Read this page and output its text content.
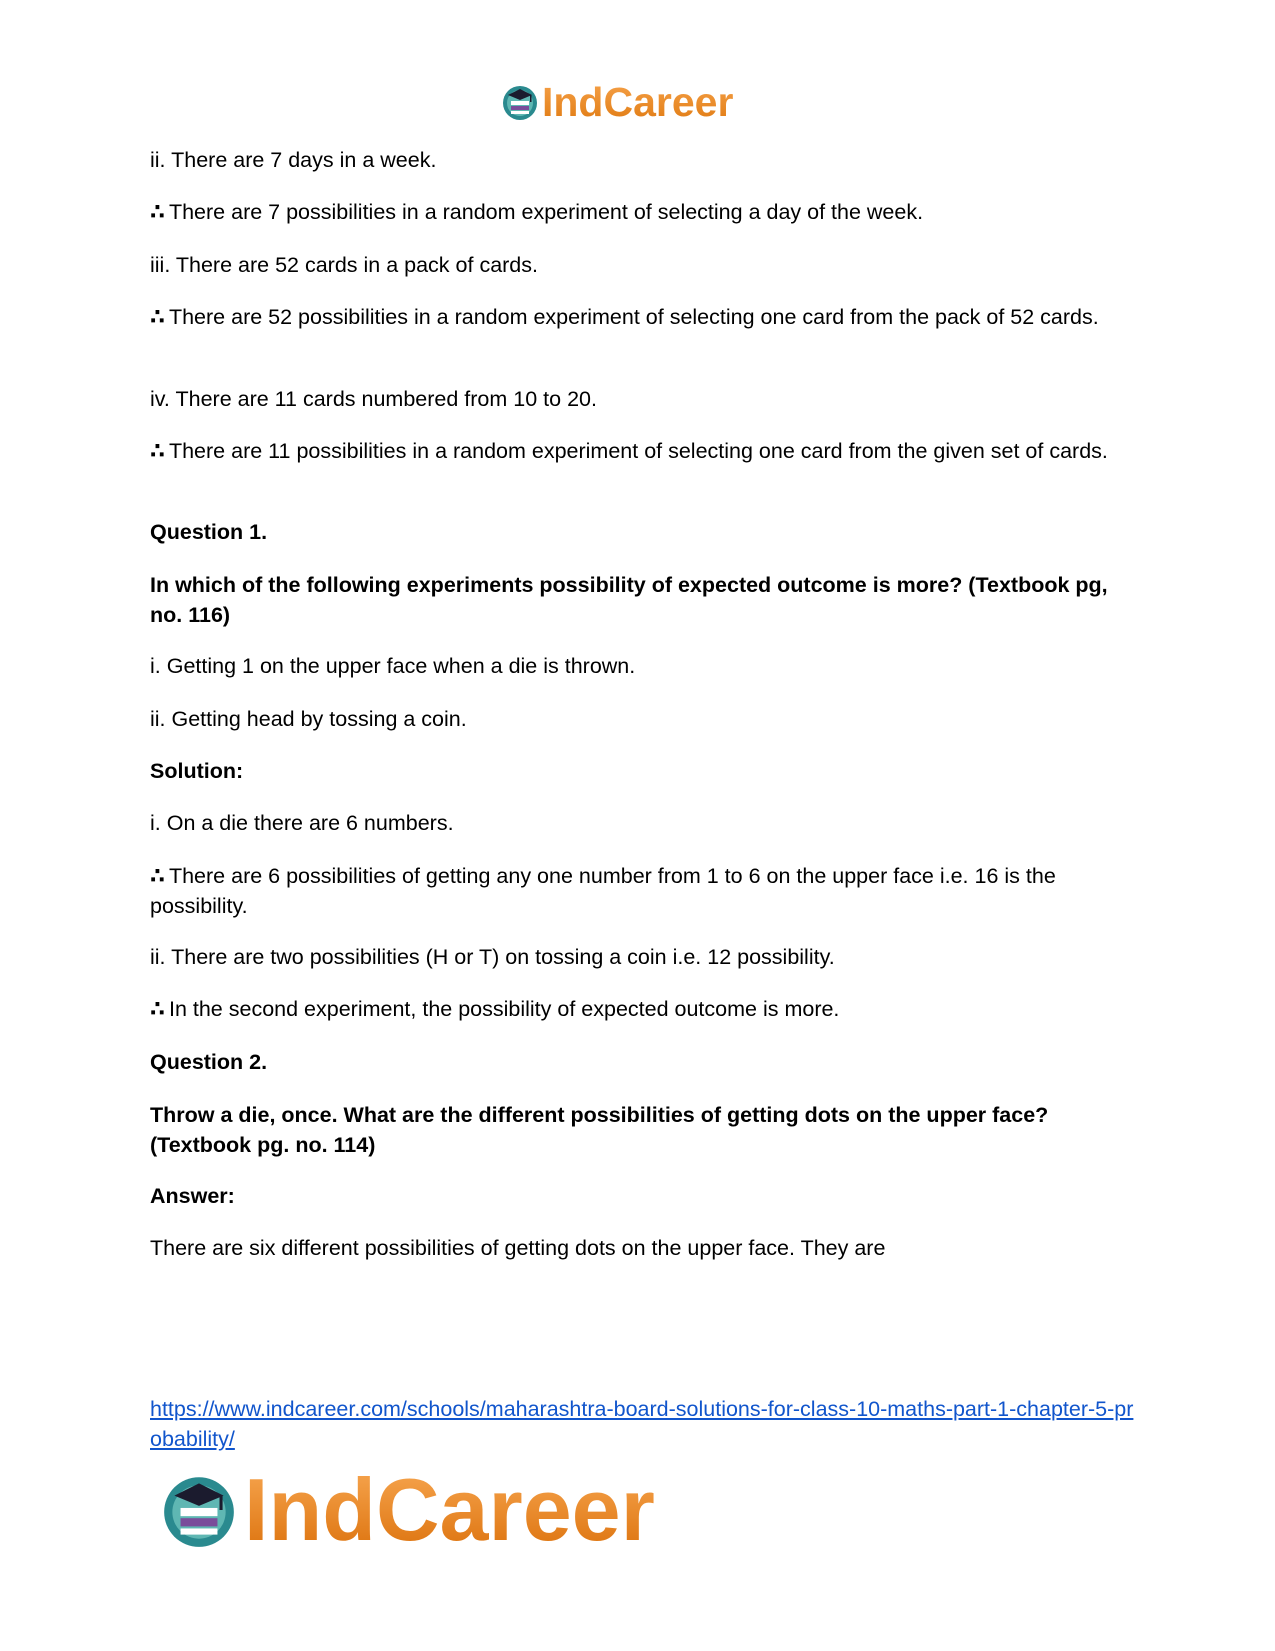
IndCareer

ii. There are 7 days in a week.

∴ There are 7 possibilities in a random experiment of selecting a day of the week.

iii. There are 52 cards in a pack of cards.

∴ There are 52 possibilities in a random experiment of selecting one card from the pack of 52 cards.

iv. There are 11 cards numbered from 10 to 20.

∴ There are 11 possibilities in a random experiment of selecting one card from the given set of cards.

Question 1.

In which of the following experiments possibility of expected outcome is more? (Textbook pg, no. 116)

i. Getting 1 on the upper face when a die is thrown.

ii. Getting head by tossing a coin.

Solution:

i. On a die there are 6 numbers.

∴ There are 6 possibilities of getting any one number from 1 to 6 on the upper face i.e. 16 is the possibility.

ii. There are two possibilities (H or T) on tossing a coin i.e. 12 possibility.

∴ In the second experiment, the possibility of expected outcome is more.

Question 2.

Throw a die, once. What are the different possibilities of getting dots on the upper face? (Textbook pg. no. 114)

Answer:

There are six different possibilities of getting dots on the upper face. They are

https://www.indcareer.com/schools/maharashtra-board-solutions-for-class-10-maths-part-1-chapter-5-probability/
IndCareer
